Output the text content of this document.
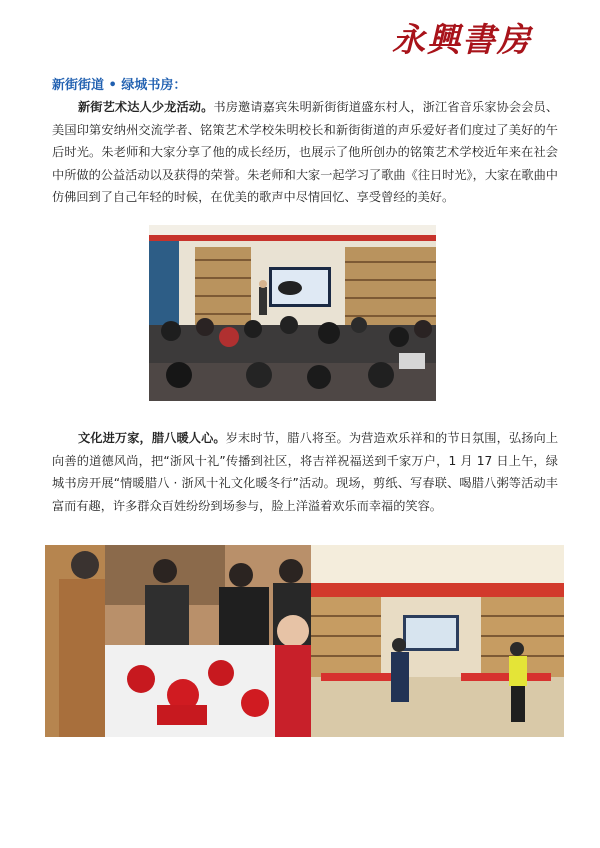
永興書房
新街街道 • 绿城书房：

新街艺术达人少龙活动。书房邀请嘉宾朱明新街街道盛东村人，浙江省音乐家协会会员、美国印第安纳州交流学者、铭策艺术学校朱明校长和新街街道的声乐爱好者们度过了美好的午后时光。朱老师和大家分享了他的成长经历，也展示了他所创办的铭策艺术学校近年来在社会中所做的公益活动以及获得的荣誉。朱老师和大家一起学习了歌曲《往日时光》，大家在歌曲中仿佛回到了自己年轻的时候，在优美的歌声中尽情回忆、享受曾经的美好。

文化进万家，腊八暖人心。岁末时节，腊八将至。为营造欢乐祥和的节日氛围，弘扬向上向善的道德风尚，把“浙风十礼”传播到社区，将吉祥祝福送到千家万户，1 月 17 日上午，绿城书房开展“情暖腊八 · 浙风十礼文化暖冬行”活动。现场，剪纸、写春联、喝腊八粥等活动丰富而有趣，许多群众百姓纷纷到场参与，脸上洋溢着欢乐而幸福的笑容。
